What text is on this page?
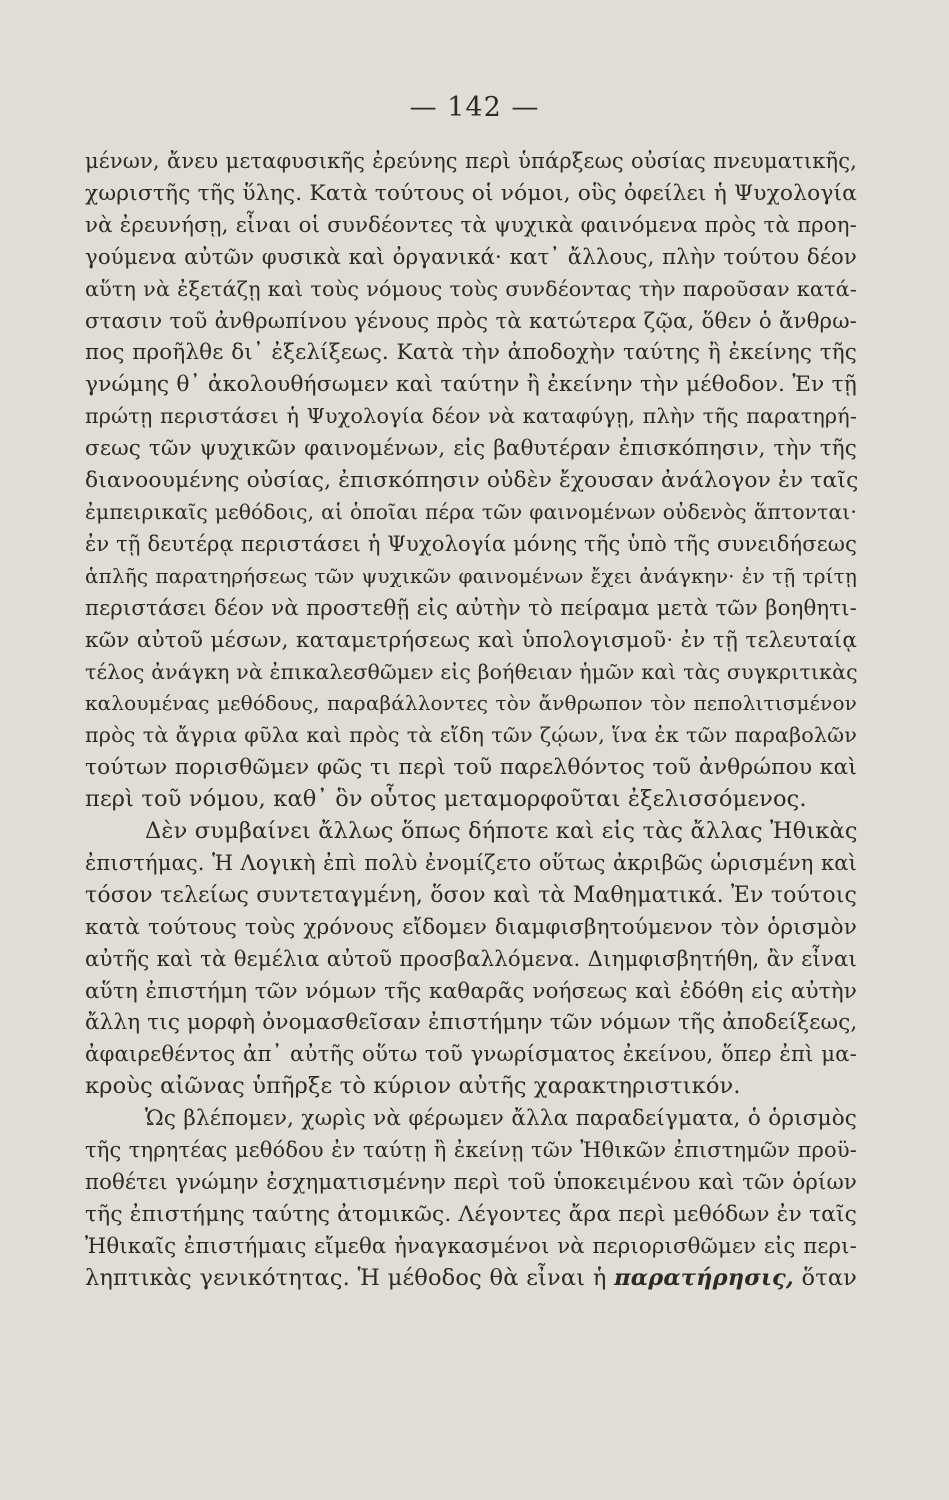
— 142 —
μένων, ἄνευ μεταφυσικῆς ἐρεύνης περὶ ὑπάρξεως οὐσίας πνευματικῆς,
χωριστῆς τῆς ὕλης. Κατὰ τούτους οἱ νόμοι, οὓς ὀφείλει ἡ Ψυχολογία
νὰ ἐρευνήσῃ, εἶναι οἱ συνδέοντες τὰ ψυχικὰ φαινόμενα πρὸς τὰ προη-
γούμενα αὐτῶν φυσικὰ καὶ ὀργανικά· κατ᾽ ἄλλους, πλὴν τούτου δέον
αὕτη νὰ ἐξετάζῃ καὶ τοὺς νόμους τοὺς συνδέοντας τὴν παροῦσαν κατά-
στασιν τοῦ ἀνθρωπίνου γένους πρὸς τὰ κατώτερα ζῷα, ὅθεν ὁ ἄνθρω-
πος προῆλθε δι᾽ ἐξελίξεως. Κατὰ τὴν ἀποδοχὴν ταύτης ἢ ἐκείνης τῆς
γνώμης θ᾽ ἀκολουθήσωμεν καὶ ταύτην ἢ ἐκείνην τὴν μέθοδον. Ἐν τῇ
πρώτῃ περιστάσει ἡ Ψυχολογία δέον νὰ καταφύγῃ, πλὴν τῆς παρατηρή-
σεως τῶν ψυχικῶν φαινομένων, εἰς βαθυτέραν ἐπισκόπησιν, τὴν τῆς
διανοουμένης οὐσίας, ἐπισκόπησιν οὐδὲν ἔχουσαν ἀνάλογον ἐν ταῖς
ἐμπειρικαῖς μεθόδοις, αἱ ὁποῖαι πέρα τῶν φαινομένων οὐδενὸς ἅπτονται·
ἐν τῇ δευτέρᾳ περιστάσει ἡ Ψυχολογία μόνης τῆς ὑπὸ τῆς συνειδήσεως
ἁπλῆς παρατηρήσεως τῶν ψυχικῶν φαινομένων ἔχει ἀνάγκην· ἐν τῇ τρίτῃ
περιστάσει δέον νὰ προστεθῇ εἰς αὐτὴν τὸ πείραμα μετὰ τῶν βοηθητι-
κῶν αὐτοῦ μέσων, καταμετρήσεως καὶ ὑπολογισμοῦ· ἐν τῇ τελευταίᾳ
τέλος ἀνάγκη νὰ ἐπικαλεσθῶμεν εἰς βοήθειαν ἡμῶν καὶ τὰς συγκριτικὰς
καλουμένας μεθόδους, παραβάλλοντες τὸν ἄνθρωπον τὸν πεπολιτισμένον
πρὸς τὰ ἄγρια φῦλα καὶ πρὸς τὰ εἴδη τῶν ζῴων, ἵνα ἐκ τῶν παραβολῶν
τούτων πορισθῶμεν φῶς τι περὶ τοῦ παρελθόντος τοῦ ἀνθρώπου καὶ
περὶ τοῦ νόμου, καθ᾽ ὃν οὗτος μεταμορφοῦται ἐξελισσόμενος.
Δὲν συμβαίνει ἄλλως ὅπως δήποτε καὶ εἰς τὰς ἄλλας Ἠθικὰς
ἐπιστήμας. Ἡ Λογικὴ ἐπὶ πολὺ ἐνομίζετο οὕτως ἀκριβῶς ὡρισμένη καὶ
τόσον τελείως συντεταγμένη, ὅσον καὶ τὰ Μαθηματικά. Ἐν τούτοις
κατὰ τούτους τοὺς χρόνους εἴδομεν διαμφισβητούμενον τὸν ὁρισμὸν
αὐτῆς καὶ τὰ θεμέλια αὐτοῦ προσβαλλόμενα. Διημφισβητήθη, ἂν εἶναι
αὕτη ἐπιστήμη τῶν νόμων τῆς καθαρᾶς νοήσεως καὶ ἐδόθη εἰς αὐτὴν
ἄλλη τις μορφὴ ὀνομασθεῖσαν ἐπιστήμην τῶν νόμων τῆς ἀποδείξεως,
ἀφαιρεθέντος ἀπ᾽ αὐτῆς οὕτω τοῦ γνωρίσματος ἐκείνου, ὅπερ ἐπὶ μα-
κροὺς αἰῶνας ὑπῆρξε τὸ κύριον αὐτῆς χαρακτηριστικόν.
Ὡς βλέπομεν, χωρὶς νὰ φέρωμεν ἄλλα παραδείγματα, ὁ ὁρισμὸς
τῆς τηρητέας μεθόδου ἐν ταύτῃ ἢ ἐκείνῃ τῶν Ἠθικῶν ἐπιστημῶν προϋ-
ποθέτει γνώμην ἐσχηματισμένην περὶ τοῦ ὑποκειμένου καὶ τῶν ὁρίων
τῆς ἐπιστήμης ταύτης ἀτομικῶς. Λέγοντες ἄρα περὶ μεθόδων ἐν ταῖς
Ἠθικαῖς ἐπιστήμαις εἴμεθα ἠναγκασμένοι νὰ περιορισθῶμεν εἰς περι-
ληπτικὰς γενικότητας. Ἡ μέθοδος θὰ εἶναι ἡ παρατήρησις, ὅταν
